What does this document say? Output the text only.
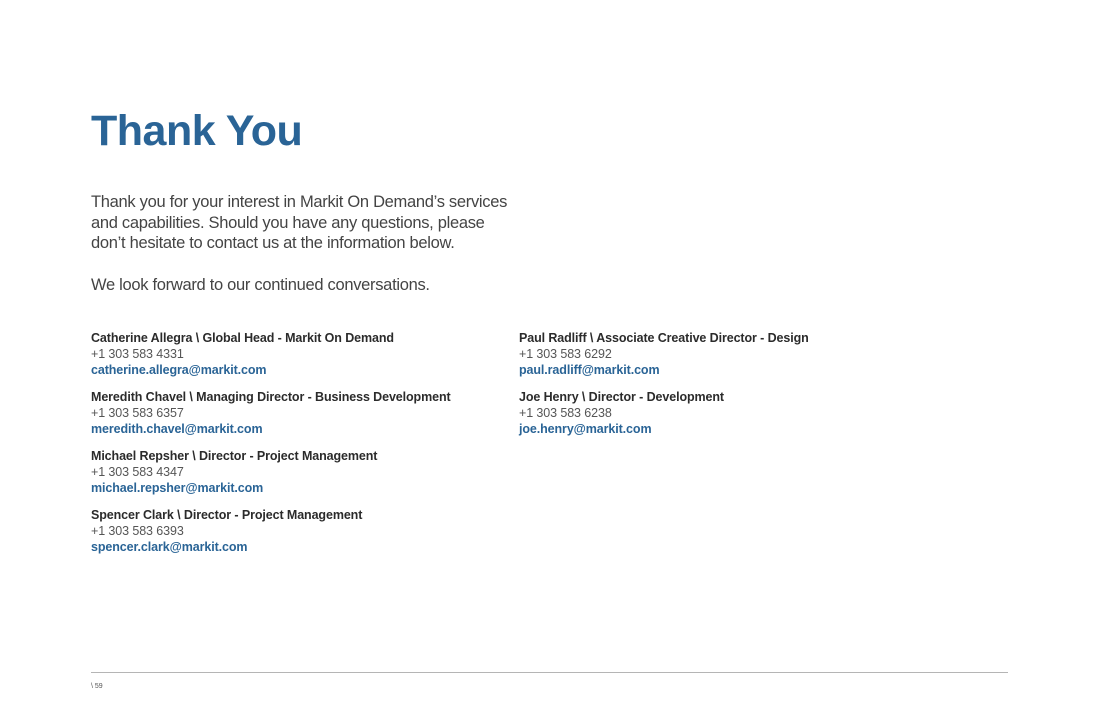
Thank You

Thank you for your interest in Markit On Demand’s services
and capabilities. Should you have any questions, please
don’t hesitate to contact us at the information below.

We look forward to our continued conversations.

Catherine Allegra \ Global Head - Markit On Demand
+1 303 583 4331
catherine.allegra@markit.com
Meredith Chavel \ Managing Director - Business Development
+1 303 583 6357
meredith.chavel@markit.com
Michael Repsher \ Director - Project Management
+1 303 583 4347
michael.repsher@markit.com
Spencer Clark \ Director - Project Management
+1 303 583 6393
spencer.clark@markit.com
Paul Radliff \ Associate Creative Director - Design
+1 303 583 6292
paul.radliff@markit.com
Joe Henry \ Director - Development
+1 303 583 6238
joe.henry@markit.com
\ 59
